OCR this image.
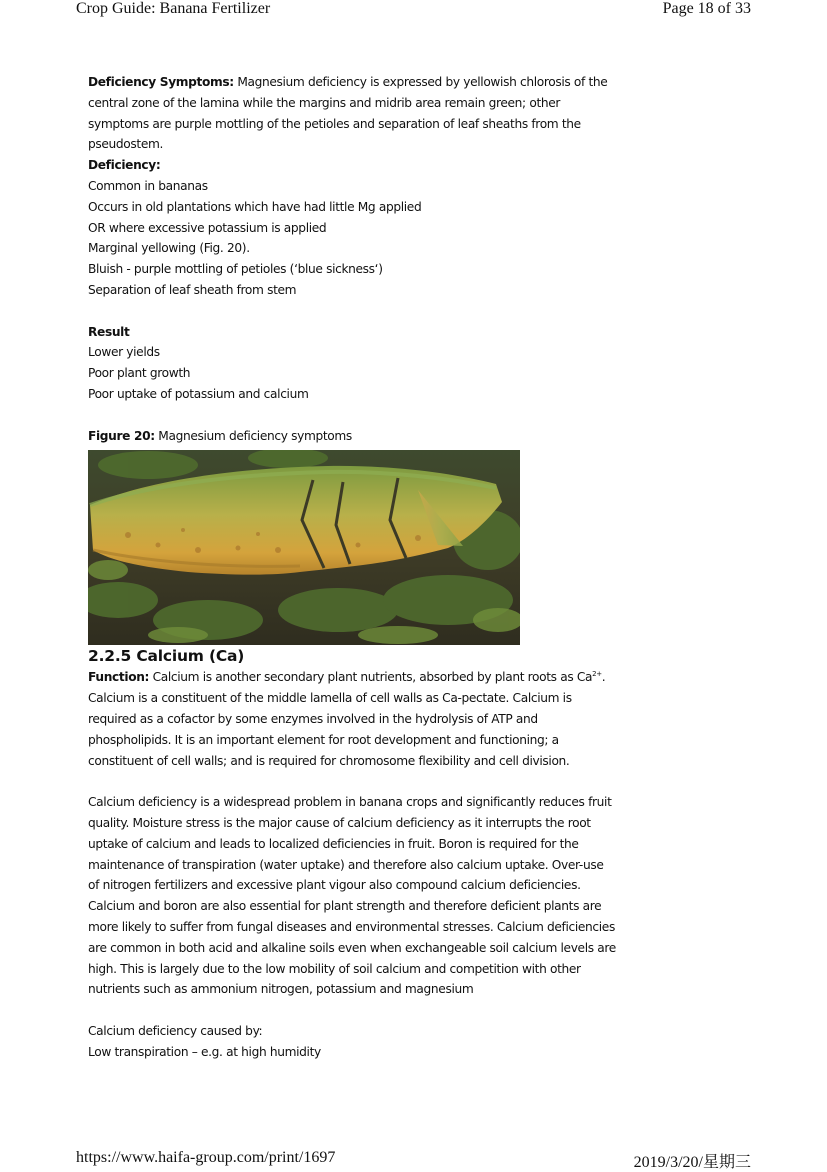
Crop Guide: Banana Fertilizer	Page 18 of 33

Deficiency Symptoms: Magnesium deficiency is expressed by yellowish chlorosis of the central zone of the lamina while the margins and midrib area remain green; other symptoms are purple mottling of the petioles and separation of leaf sheaths from the pseudostem.

Deficiency:

Common in bananas

Occurs in old plantations which have had little Mg applied

OR where excessive potassium is applied

Marginal yellowing (Fig. 20).

Bluish - purple mottling of petioles (‘blue sickness‘)

Separation of leaf sheath from stem

Result

Lower yields

Poor plant growth

Poor uptake of potassium and calcium

Figure 20: Magnesium deficiency symptoms

2.2.5 Calcium (Ca)

Function: Calcium is another secondary plant nutrients, absorbed by plant roots as $Ca^{2+}$. Calcium is a constituent of the middle lamella of cell walls as Ca-pectate. Calcium is required as a cofactor by some enzymes involved in the hydrolysis of ATP and phospholipids. It is an important element for root development and functioning; a constituent of cell walls; and is required for chromosome flexibility and cell division.

Calcium deficiency is a widespread problem in banana crops and significantly reduces fruit quality. Moisture stress is the major cause of calcium deficiency as it interrupts the root uptake of calcium and leads to localized deficiencies in fruit. Boron is required for the maintenance of transpiration (water uptake) and therefore also calcium uptake. Over-use of nitrogen fertilizers and excessive plant vigour also compound calcium deficiencies. Calcium and boron are also essential for plant strength and therefore deficient plants are more likely to suffer from fungal diseases and environmental stresses. Calcium deficiencies are common in both acid and alkaline soils even when exchangeable soil calcium levels are high. This is largely due to the low mobility of soil calcium and competition with other nutrients such as ammonium nitrogen, potassium and magnesium

Calcium deficiency caused by:

Low transpiration – e.g. at high humidity

https://www.haifa-group.com/print/1697	2019/3/20/星期三
